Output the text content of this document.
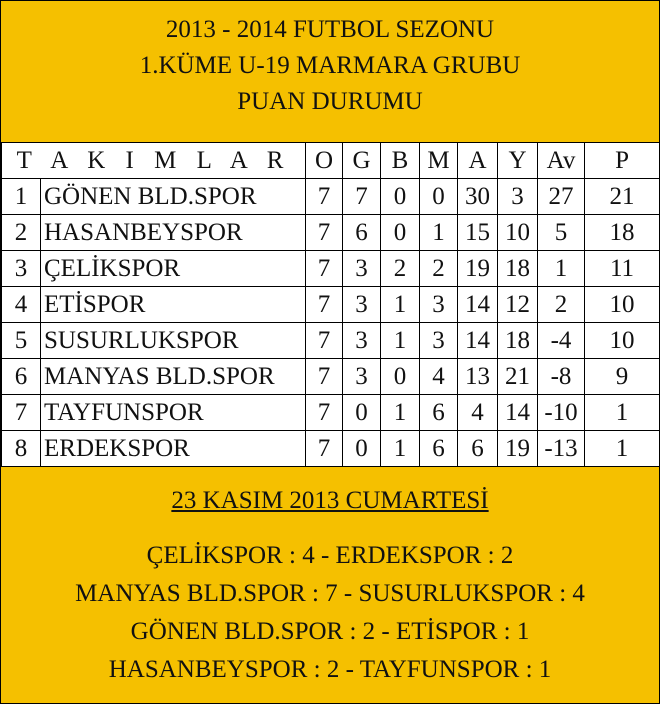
2013 - 2014 FUTBOL SEZONU
1.KÜME U-19 MARMARA GRUBU
PUAN DURUMU
T A K I M L A R		O	G	B	M	A	Y	Av	P
1	GÖNEN BLD.SPOR	7	7	0	0	30	3	27	21
2	HASANBEYSPOR	7	6	0	1	15	10	5	18
3	ÇELİKSPOR	7	3	2	2	19	18	1	11
4	ETİSPOR	7	3	1	3	14	12	2	10
5	SUSURLUKSPOR	7	3	1	3	14	18	-4	10
6	MANYAS BLD.SPOR	7	3	0	4	13	21	-8	9
7	TAYFUNSPOR	7	0	1	6	4	14	-10	1
8	ERDEKSPOR	7	0	1	6	6	19	-13	1
23 KASIM 2013 CUMARTESİ
ÇELİKSPOR : 4 - ERDEKSPOR : 2
MANYAS BLD.SPOR : 7 - SUSURLUKSPOR : 4
GÖNEN BLD.SPOR : 2 - ETİSPOR : 1
HASANBEYSPOR : 2 - TAYFUNSPOR : 1
